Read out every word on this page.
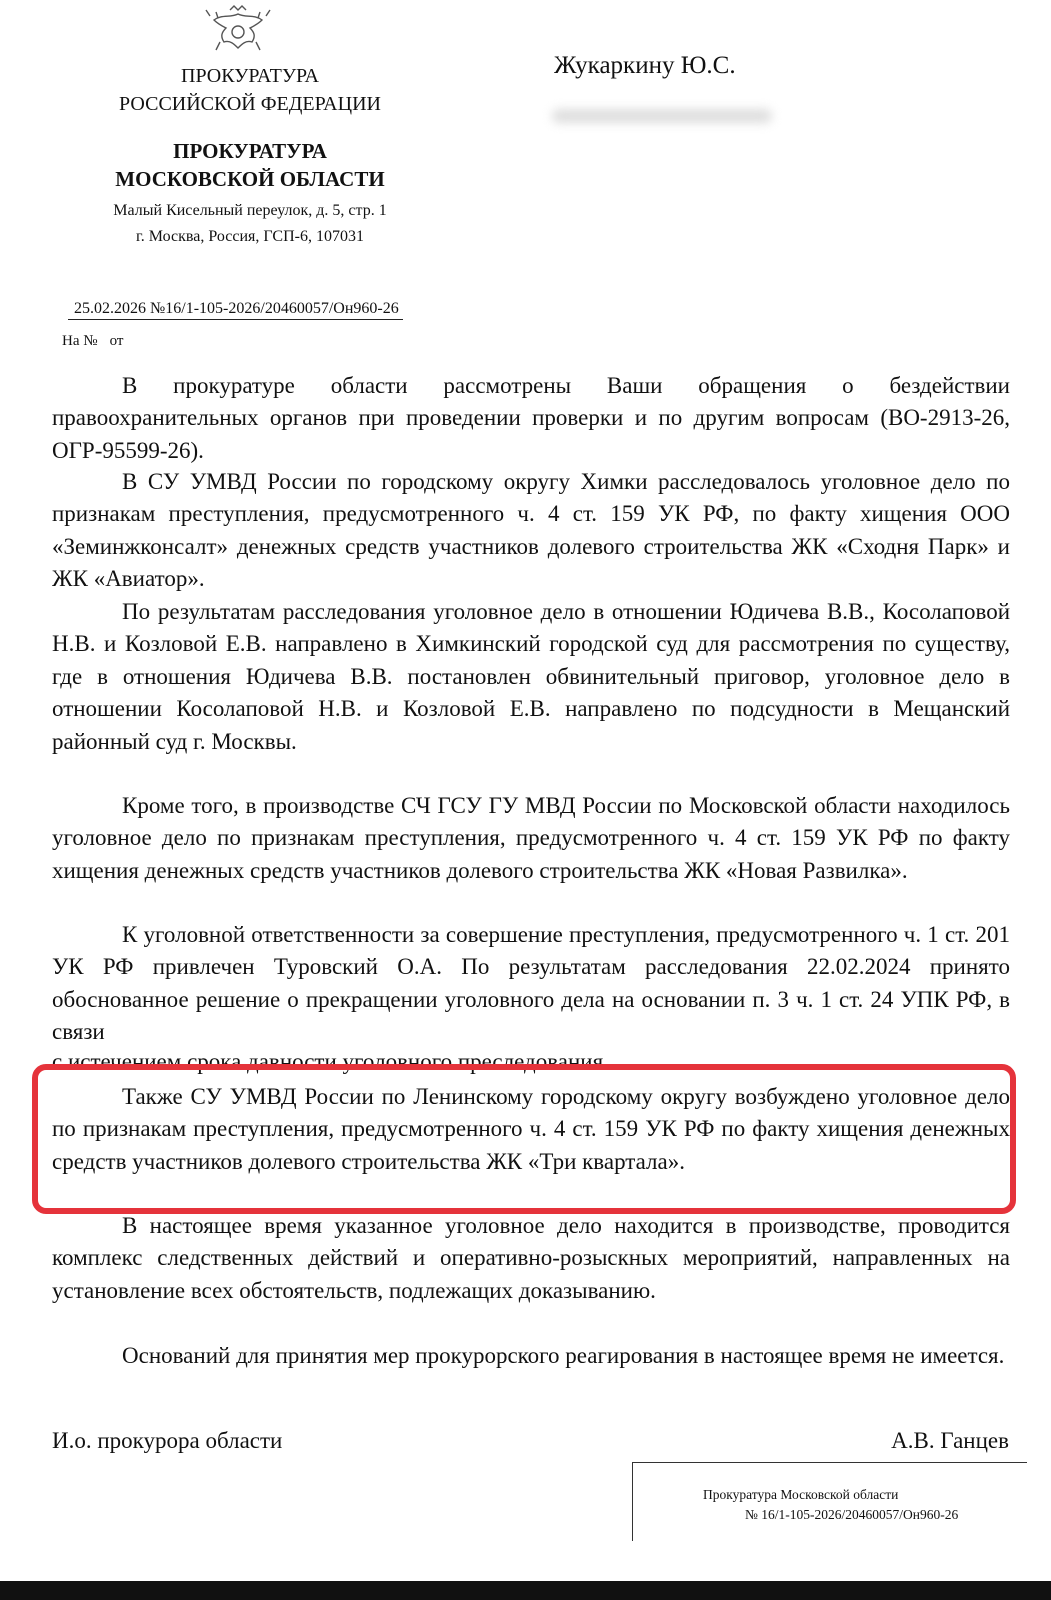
ПРОКУРАТУРА
РОССИЙСКОЙ ФЕДЕРАЦИИ
ПРОКУРАТУРА
МОСКОВСКОЙ ОБЛАСТИ
Малый Кисельный переулок, д. 5, стр. 1
г. Москва, Россия, ГСП-6, 107031
Жукаркину Ю.С.
25.02.2026 №16/1-105-2026/20460057/Он960-26
На № от

В прокуратуре области рассмотрены Ваши обращения о бездействии правоохранительных органов при проведении проверки и по другим вопросам (ВО-2913-26, ОГР-95599-26).

В СУ УМВД России по городскому округу Химки расследовалось уголовное дело по признакам преступления, предусмотренного ч. 4 ст. 159 УК РФ, по факту хищения ООО «Земинжконсалт» денежных средств участников долевого строительства ЖК «Сходня Парк» и ЖК «Авиатор».

По результатам расследования уголовное дело в отношении Юдичева В.В., Косолаповой Н.В. и Козловой Е.В. направлено в Химкинский городской суд для рассмотрения по существу, где в отношения Юдичева В.В. постановлен обвинительный приговор, уголовное дело в отношении Косолаповой Н.В. и Козловой Е.В. направлено по подсудности в Мещанский районный суд г. Москвы.

Кроме того, в производстве СЧ ГСУ ГУ МВД России по Московской области находилось уголовное дело по признакам преступления, предусмотренного ч. 4 ст. 159 УК РФ по факту хищения денежных средств участников долевого строительства ЖК «Новая Развилка».

К уголовной ответственности за совершение преступления, предусмотренного ч. 1 ст. 201 УК РФ привлечен Туровский О.А. По результатам расследования 22.02.2024 принято обоснованное решение о прекращении уголовного дела на основании п. 3 ч. 1 ст. 24 УПК РФ, в связи

с истечением срока давности уголовного преследования.

Также СУ УМВД России по Ленинскому городскому округу возбуждено уголовное дело по признакам преступления, предусмотренного ч. 4 ст. 159 УК РФ по факту хищения денежных средств участников долевого строительства ЖК «Три квартала».

В настоящее время указанное уголовное дело находится в производстве, проводится комплекс следственных действий и оперативно-розыскных мероприятий, направленных на установление всех обстоятельств, подлежащих доказыванию.

Оснований для принятия мер прокурорского реагирования в настоящее время не имеется.

И.о. прокурора области	А.В. Ганцев
Прокуратура Московской области
№ 16/1-105-2026/20460057/Он960-26
